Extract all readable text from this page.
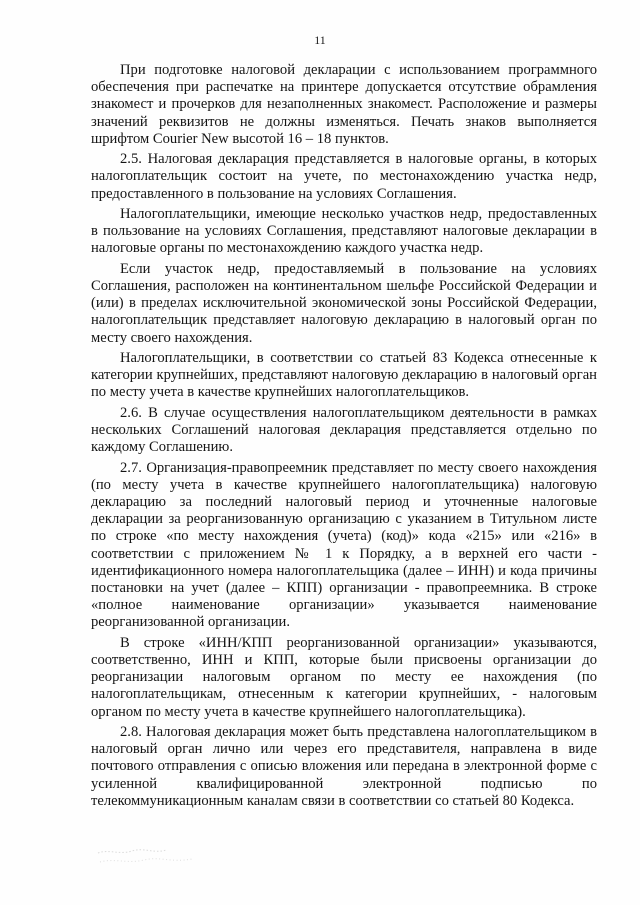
11

При подготовке налоговой декларации с использованием программного обеспечения при распечатке на принтере допускается отсутствие обрамления знакомест и прочерков для незаполненных знакомест. Расположение и размеры значений реквизитов не должны изменяться. Печать знаков выполняется шрифтом Courier New высотой 16 – 18 пунктов.

2.5. Налоговая декларация представляется в налоговые органы, в которых налогоплательщик состоит на учете, по местонахождению участка недр, предоставленного в пользование на условиях Соглашения.

Налогоплательщики, имеющие несколько участков недр, предоставленных в пользование на условиях Соглашения, представляют налоговые декларации в налоговые органы по местонахождению каждого участка недр.

Если участок недр, предоставляемый в пользование на условиях Соглашения, расположен на континентальном шельфе Российской Федерации и (или) в пределах исключительной экономической зоны Российской Федерации, налогоплательщик представляет налоговую декларацию в налоговый орган по месту своего нахождения.

Налогоплательщики, в соответствии со статьей 83 Кодекса отнесенные к категории крупнейших, представляют налоговую декларацию в налоговый орган по месту учета в качестве крупнейших налогоплательщиков.

2.6. В случае осуществления налогоплательщиком деятельности в рамках нескольких Соглашений налоговая декларация представляется отдельно по каждому Соглашению.

2.7. Организация-правопреемник представляет по месту своего нахождения (по месту учета в качестве крупнейшего налогоплательщика) налоговую декларацию за последний налоговый период и уточненные налоговые декларации за реорганизованную организацию с указанием в Титульном листе по строке «по месту нахождения (учета) (код)» кода «215» или «216» в соответствии с приложением № 1 к Порядку, а в верхней его части - идентификационного номера налогоплательщика (далее – ИНН) и кода причины постановки на учет (далее – КПП) организации - правопреемника. В строке «полное наименование организации» указывается наименование реорганизованной организации.

В строке «ИНН/КПП реорганизованной организации» указываются, соответственно, ИНН и КПП, которые были присвоены организации до реорганизации налоговым органом по месту ее нахождения (по налогоплательщикам, отнесенным к категории крупнейших, - налоговым органом по месту учета в качестве крупнейшего налогоплательщика).

2.8. Налоговая декларация может быть представлена налогоплательщиком в налоговый орган лично или через его представителя, направлена в виде почтового отправления с описью вложения или передана в электронной форме с усиленной квалифицированной электронной подписью по телекоммуникационным каналам связи в соответствии со статьей 80 Кодекса.
